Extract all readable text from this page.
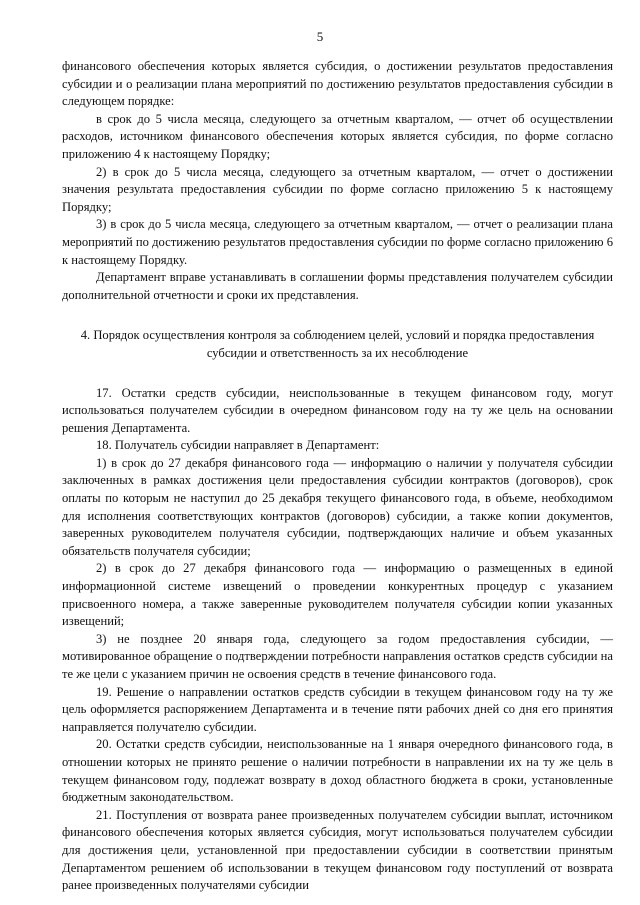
5

финансового обеспечения которых является субсидия, о достижении результатов предоставления субсидии и о реализации плана мероприятий по достижению результатов предоставления субсидии в следующем порядке:

в срок до 5 числа месяца, следующего за отчетным кварталом, — отчет об осуществлении расходов, источником финансового обеспечения которых является субсидия, по форме согласно приложению 4 к настоящему Порядку;

2) в срок до 5 числа месяца, следующего за отчетным кварталом, — отчет о достижении значения результата предоставления субсидии по форме согласно приложению 5 к настоящему Порядку;

3) в срок до 5 числа месяца, следующего за отчетным кварталом, — отчет о реализации плана мероприятий по достижению результатов предоставления субсидии по форме согласно приложению 6 к настоящему Порядку.

Департамент вправе устанавливать в соглашении формы представления получателем субсидии дополнительной отчетности и сроки их представления.

4. Порядок осуществления контроля за соблюдением целей, условий и порядка предоставления субсидии и ответственность за их несоблюдение

17. Остатки средств субсидии, неиспользованные в текущем финансовом году, могут использоваться получателем субсидии в очередном финансовом году на ту же цель на основании решения Департамента.

18. Получатель субсидии направляет в Департамент:

1) в срок до 27 декабря финансового года — информацию о наличии у получателя субсидии заключенных в рамках достижения цели предоставления субсидии контрактов (договоров), срок оплаты по которым не наступил до 25 декабря текущего финансового года, в объеме, необходимом для исполнения соответствующих контрактов (договоров) субсидии, а также копии документов, заверенных руководителем получателя субсидии, подтверждающих наличие и объем указанных обязательств получателя субсидии;

2) в срок до 27 декабря финансового года — информацию о размещенных в единой информационной системе извещений о проведении конкурентных процедур с указанием присвоенного номера, а также заверенные руководителем получателя субсидии копии указанных извещений;

3) не позднее 20 января года, следующего за годом предоставления субсидии, — мотивированное обращение о подтверждении потребности направления остатков средств субсидии на те же цели с указанием причин не освоения средств в течение финансового года.

19. Решение о направлении остатков средств субсидии в текущем финансовом году на ту же цель оформляется распоряжением Департамента и в течение пяти рабочих дней со дня его принятия направляется получателю субсидии.

20. Остатки средств субсидии, неиспользованные на 1 января очередного финансового года, в отношении которых не принято решение о наличии потребности в направлении их на ту же цель в текущем финансовом году, подлежат возврату в доход областного бюджета в сроки, установленные бюджетным законодательством.

21. Поступления от возврата ранее произведенных получателем субсидии выплат, источником финансового обеспечения которых является субсидия, могут использоваться получателем субсидии для достижения цели, установленной при предоставлении субсидии в соответствии принятым Департаментом решением об использовании в текущем финансовом году поступлений от возврата ранее произведенных получателями субсидии
